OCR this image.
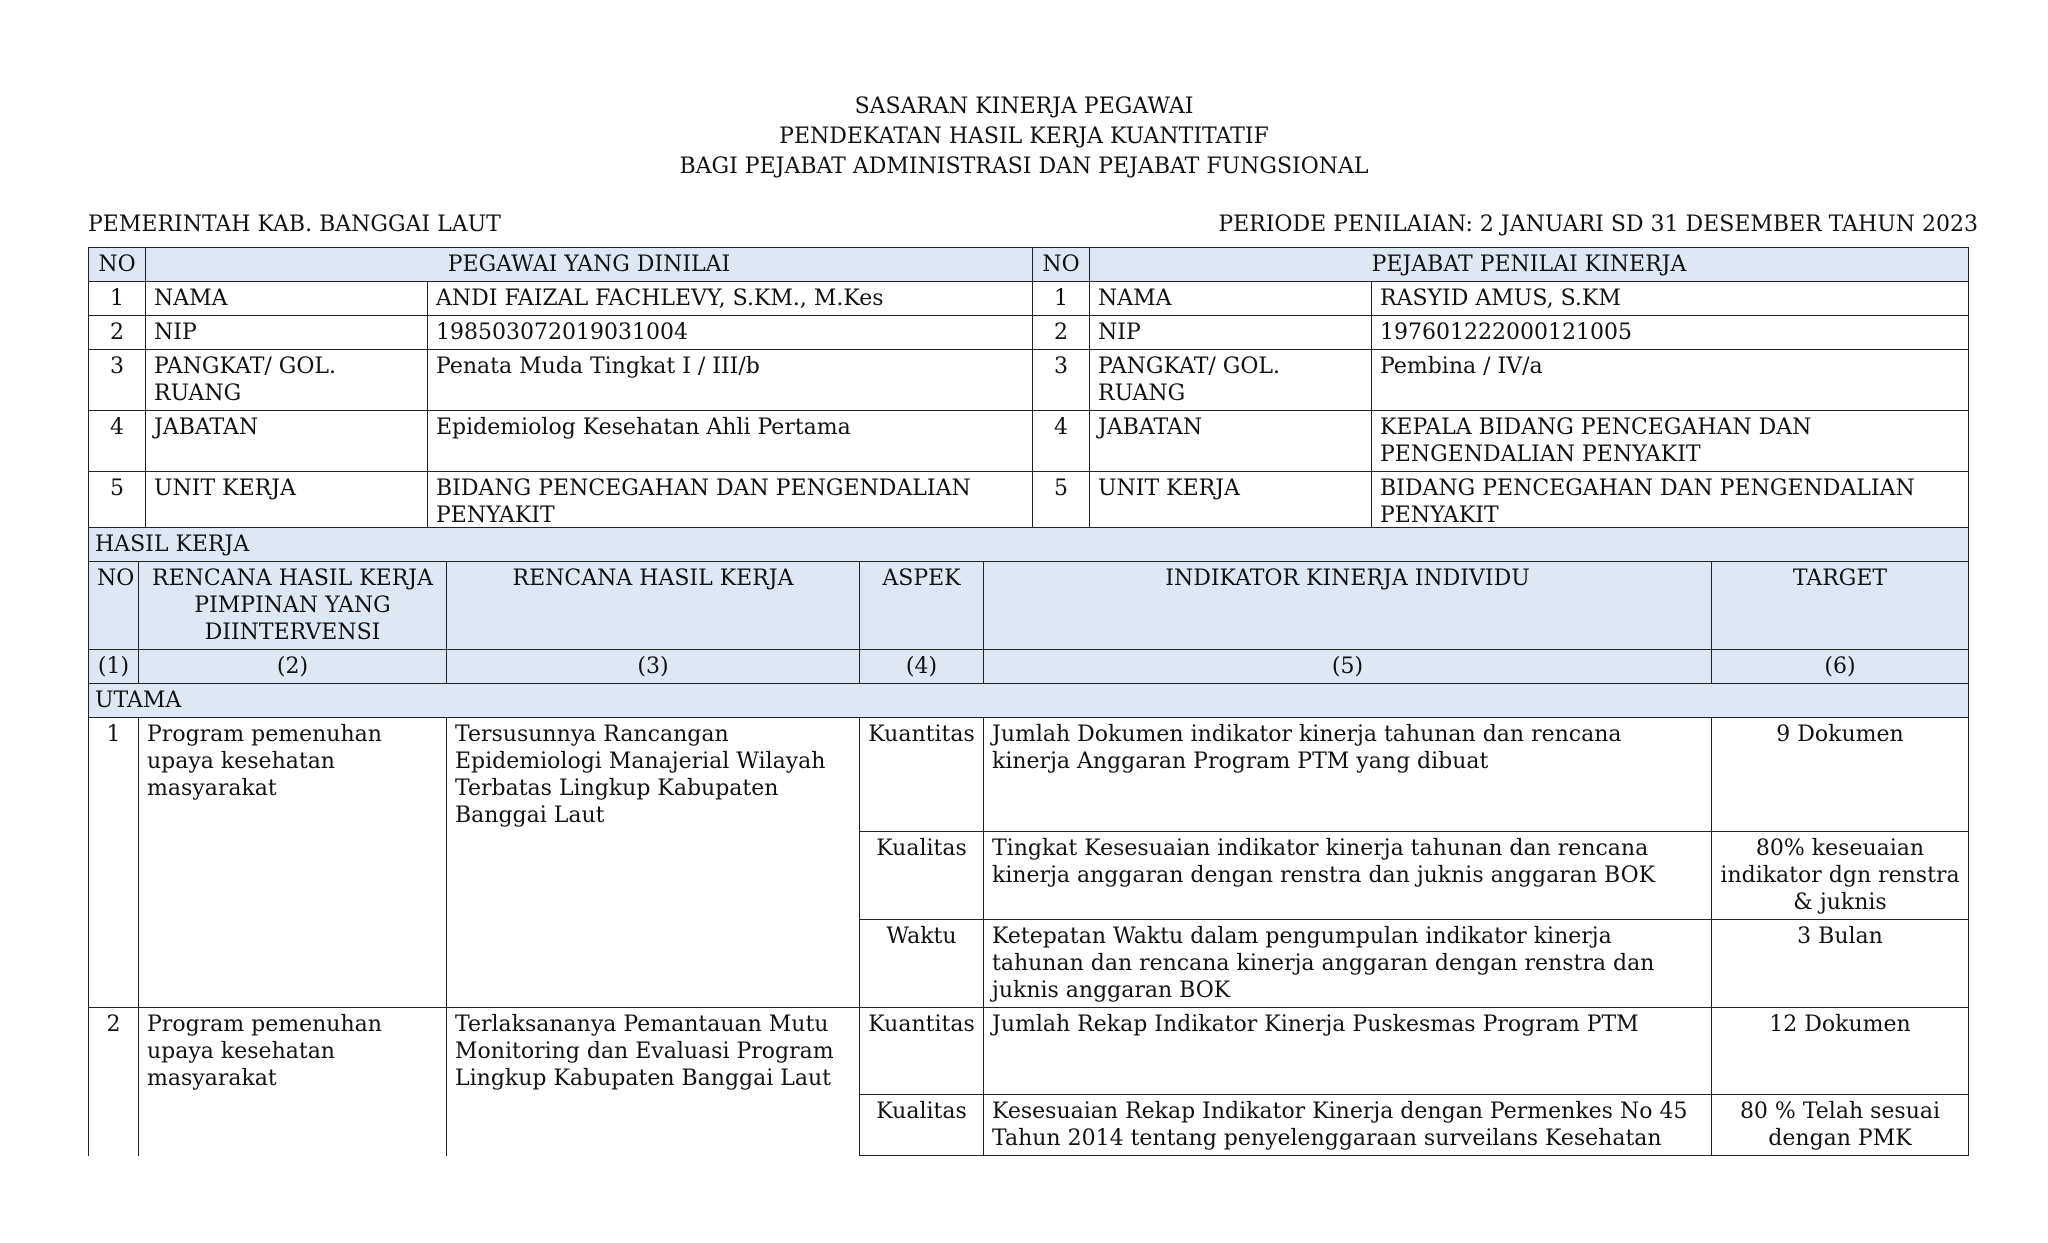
SASARAN KINERJA PEGAWAI
PENDEKATAN HASIL KERJA KUANTITATIF
BAGI PEJABAT ADMINISTRASI DAN PEJABAT FUNGSIONAL
PEMERINTAH KAB. BANGGAI LAUT	PERIODE PENILAIAN: 2 JANUARI SD 31 DESEMBER TAHUN 2023
NO	PEGAWAI YANG DINILAI		NO	PEJABAT PENILAI KINERJA	
1	NAMA	ANDI FAIZAL FACHLEVY, S.KM., M.Kes	1	NAMA	RASYID AMUS, S.KM
2	NIP	198503072019031004	2	NIP	197601222000121005
3	PANGKAT/ GOL. RUANG	Penata Muda Tingkat I / III/b	3	PANGKAT/ GOL. RUANG	Pembina / IV/a
4	JABATAN	Epidemiolog Kesehatan Ahli Pertama	4	JABATAN	KEPALA BIDANG PENCEGAHAN DAN PENGENDALIAN PENYAKIT
5	UNIT KERJA	BIDANG PENCEGAHAN DAN PENGENDALIAN PENYAKIT	5	UNIT KERJA	BIDANG PENCEGAHAN DAN PENGENDALIAN PENYAKIT
HASIL KERJA					
NO	RENCANA HASIL KERJA PIMPINAN YANG DIINTERVENSI	RENCANA HASIL KERJA	ASPEK	INDIKATOR KINERJA INDIVIDU	TARGET
(1)	(2)	(3)	(4)	(5)	(6)
UTAMA					
1	Program pemenuhan upaya kesehatan masyarakat	Tersusunnya Rancangan Epidemiologi Manajerial Wilayah Terbatas Lingkup Kabupaten Banggai Laut	Kuantitas	Jumlah Dokumen indikator kinerja tahunan dan rencana kinerja Anggaran Program PTM yang dibuat	9 Dokumen
			Kualitas	Tingkat Kesesuaian indikator kinerja tahunan dan rencana kinerja anggaran dengan renstra dan juknis anggaran BOK	80% keseuaian indikator dgn renstra & juknis
			Waktu	Ketepatan Waktu dalam pengumpulan indikator kinerja tahunan dan rencana kinerja anggaran dengan renstra dan juknis anggaran BOK	3 Bulan
2	Program pemenuhan upaya kesehatan masyarakat	Terlaksananya Pemantauan Mutu Monitoring dan Evaluasi Program Lingkup Kabupaten Banggai Laut	Kuantitas	Jumlah Rekap Indikator Kinerja Puskesmas Program PTM	12 Dokumen
			Kualitas	Kesesuaian Rekap Indikator Kinerja dengan Permenkes No 45 Tahun 2014 tentang penyelenggaraan surveilans Kesehatan	80 % Telah sesuai dengan PMK
